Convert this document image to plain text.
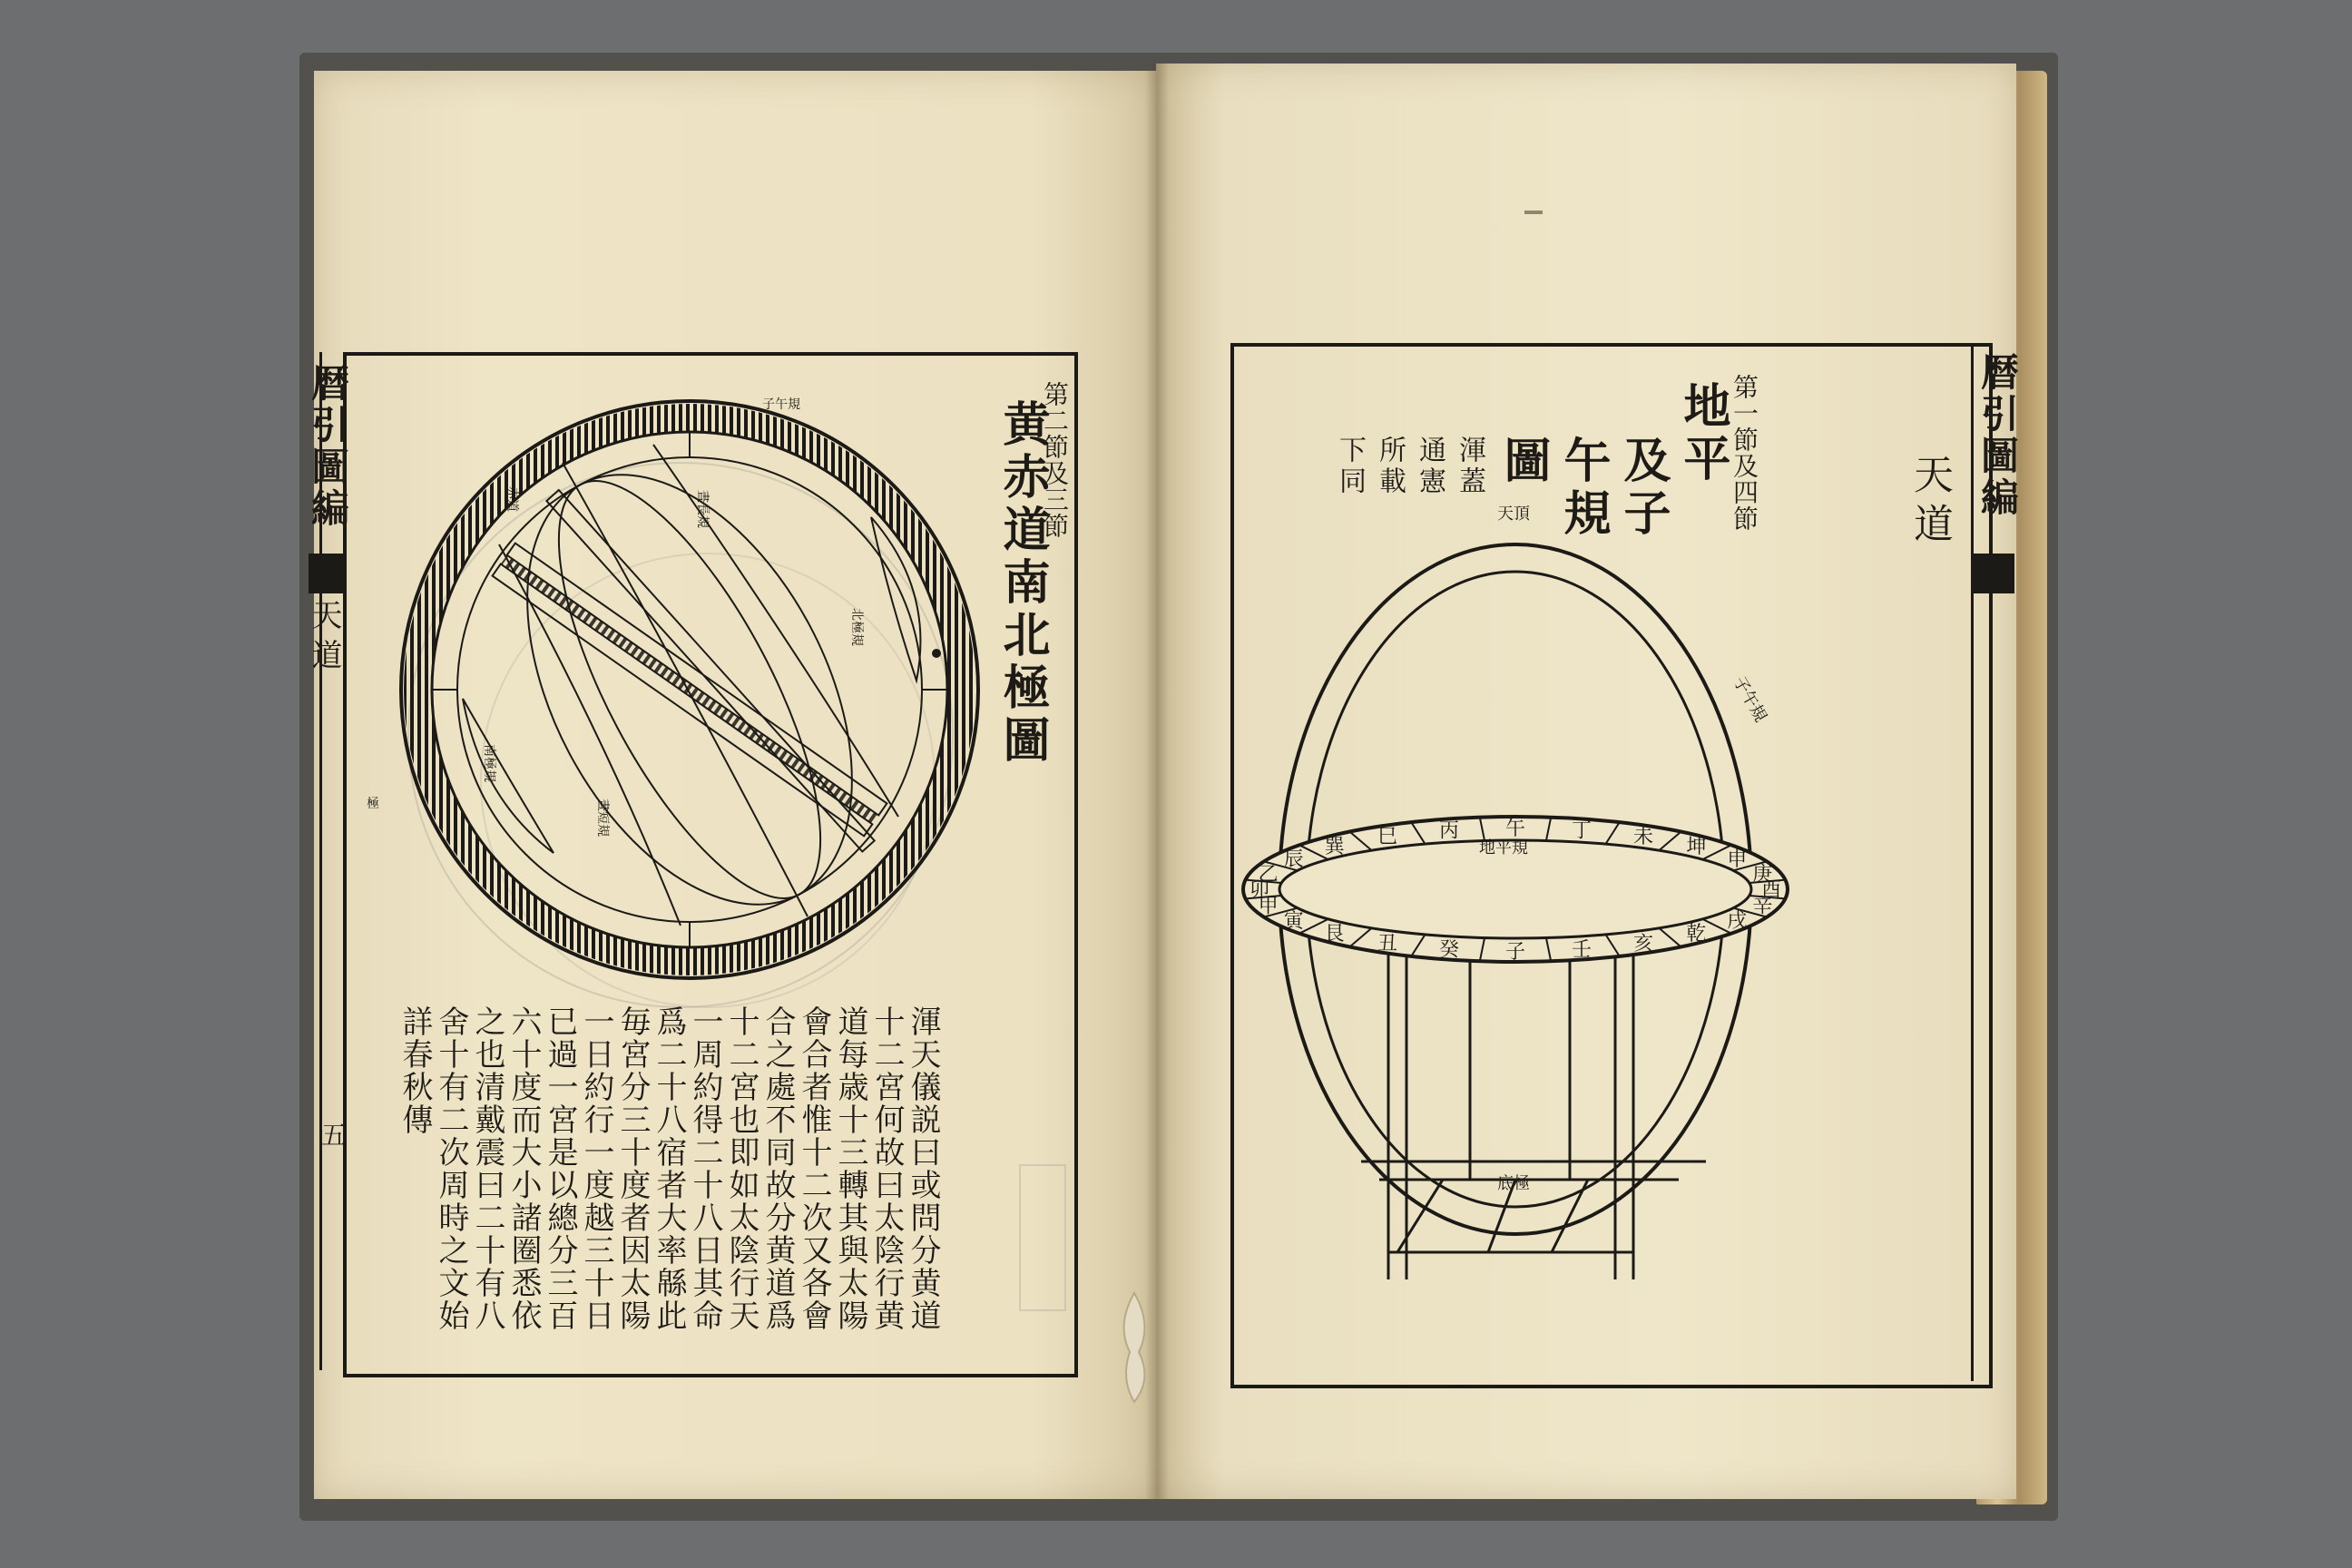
暦引圖編
天道
五
第二節及三節
黄赤道南北極圖
子午規
北極規
南極規
晝長規
晝短規
赤道
極
渾天儀説曰或問分黄道
十二宮何故曰太陰行黄
道每歳十三轉其與太陽
會合者惟十二次又各會
合之處不同故分黄道爲
十二宮也即如太陰行天
一周約得二十八日其命
爲二十八宿者大率緜此
毎宮分三十度者因太陽
一日約行一度越三十日
已過一宮是以總分三百
六十度而大小諸圈悉依
之也清戴震曰二十有八
舍十有二次周時之文始
詳春秋傳
暦引圖編
天道
第一節及四節
地平
及子
午規
圖
渾蓋
通憲
所載
下同
子
癸
丑
艮
寅
甲
卯
乙
辰
巽 巳 丙 午 丁 未 坤
申
庚
酉
辛
戌
乾
亥
壬
天頂
子午規
地平規
底極
